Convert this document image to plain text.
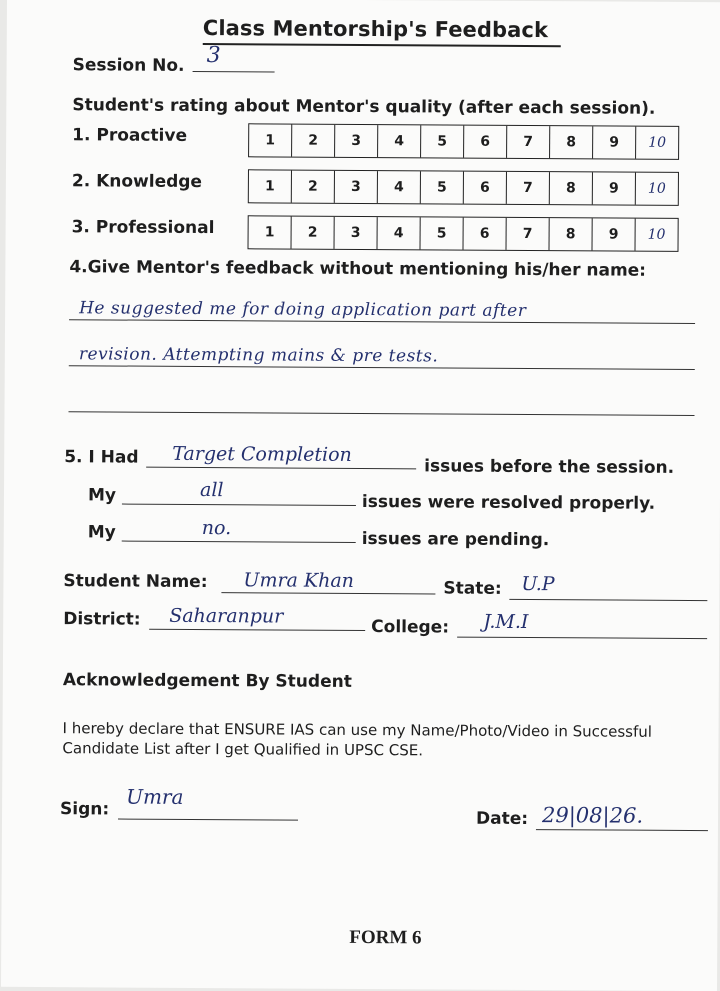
Class Mentorship's Feedback
Session No. 3
Student's rating about Mentor's quality (after each session).
1. Proactive	1	2	3	4	5	6	7	8	9	10
2. Knowledge	1	2	3	4	5	6	7	8	9	10
3. Professional	1	2	3	4	5	6	7	8	9	10
4.Give Mentor's feedback without mentioning his/her name:
He suggested me for doing application part after
revision. Attempting mains & pre tests.
5. I Had Target Completion
issues before the session.
My	all
issues were resolved properly.
My	no.
issues are pending.
Student Name: Umra Khan	State: U.P
District: Saharanpur	College: J.M.I
Acknowledgement By Student
I hereby declare that ENSURE IAS can use my Name/Photo/Video in Successful
Candidate List after I get Qualified in UPSC CSE.
Sign:
Umra
Date: 29|08|26.
FORM 6
